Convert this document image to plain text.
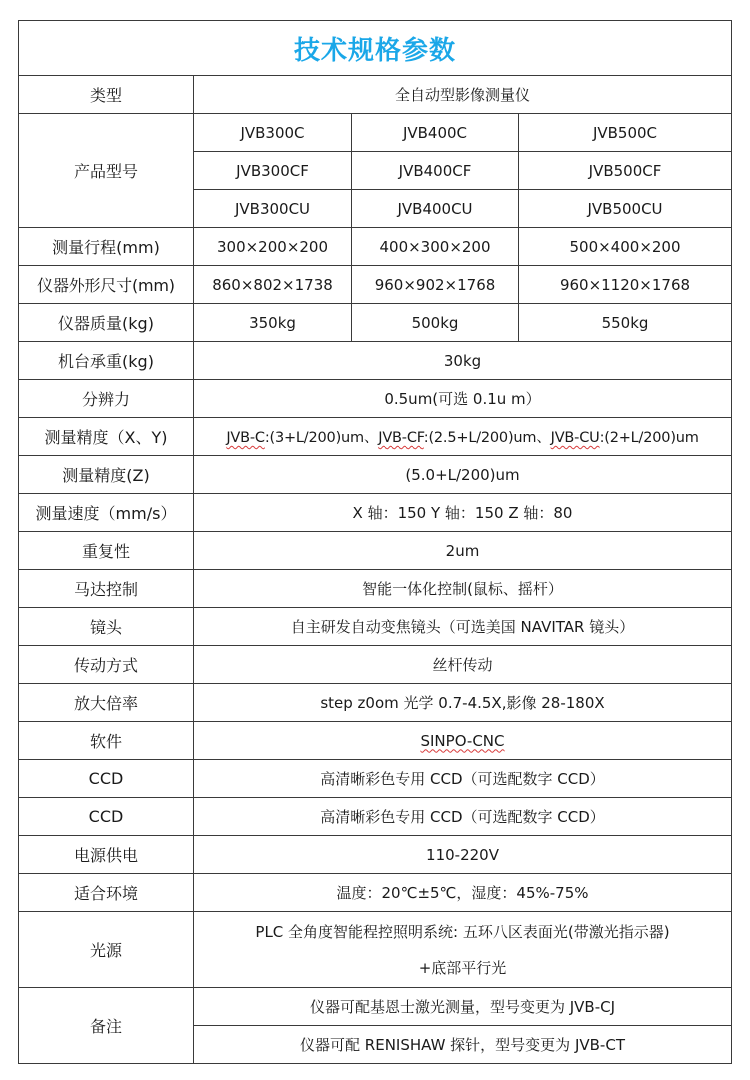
技术规格参数			
类型	全自动型影像测量仪		
产品型号	JVB300C	JVB400C	JVB500C
	JVB300CF	JVB400CF	JVB500CF
	JVB300CU	JVB400CU	JVB500CU
测量行程(mm)	300×200×200	400×300×200	500×400×200
仪器外形尺寸(mm)	860×802×1738	960×902×1768	960×1120×1768
仪器质量(kg)	350kg	500kg	550kg
机台承重(kg)	30kg		
分辨力	0.5um(可选 0.1u m）		
测量精度（X、Y)	JVB-C:(3+L/200)um、JVB-CF:(2.5+L/200)um、JVB-CU:(2+L/200)um		
测量精度(Z)	(5.0+L/200)um		
测量速度（mm/s）	X 轴：150 Y 轴：150 Z 轴：80		
重复性	2um		
马达控制	智能一体化控制(鼠标、摇杆）		
镜头	自主研发自动变焦镜头（可选美国 NAVITAR 镜头）		
传动方式	丝杆传动		
放大倍率	step z0om 光学 0.7-4.5X,影像 28-180X		
软件	SINPO-CNC		
CCD	高清晰彩色专用 CCD（可选配数字 CCD）		
CCD	高清晰彩色专用 CCD（可选配数字 CCD）		
电源供电	110-220V		
适合环境	温度：20℃±5℃，湿度：45%-75%		
光源	PLC 全角度智能程控照明系统: 五环八区表面光(带激光指示器)
+底部平行光		

备注	仪器可配基恩士激光测量，型号变更为 JVB-CJ		
	仪器可配 RENISHAW 探针，型号变更为 JVB-CT		
